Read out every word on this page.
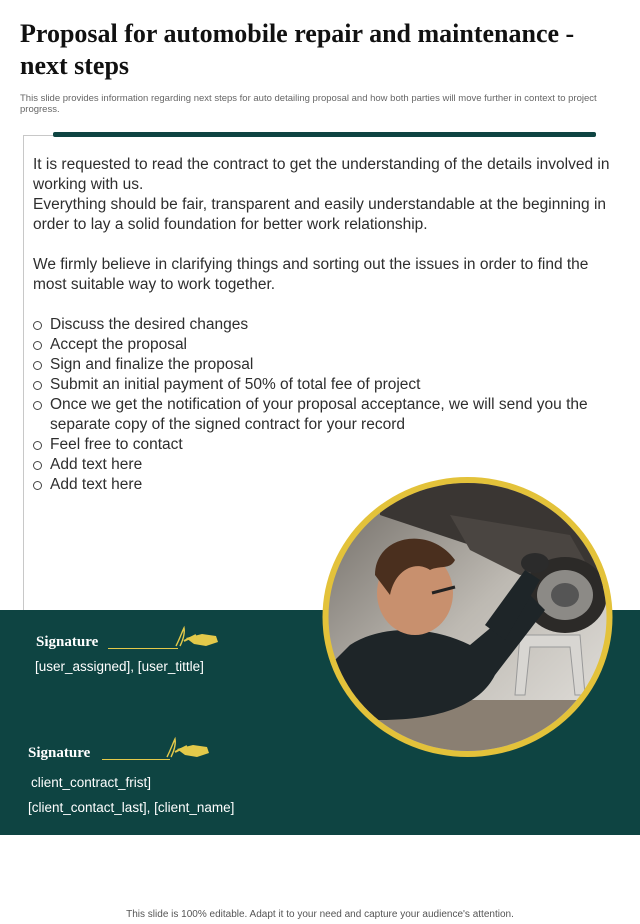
Proposal for automobile repair and maintenance - next steps

This slide provides information regarding next steps for auto detailing proposal and how both parties will move further in context to project progress.

It is requested to read the contract to get the understanding of the details involved in working with us.

Everything should be fair, transparent and easily understandable at the beginning in order to lay a solid foundation for better work relationship.

We firmly believe in clarifying things and sorting out the issues in order to find the most suitable way to work together.

Discuss the desired changes
Accept the proposal
Sign and finalize the proposal
Submit an initial payment of 50% of total fee of project
Once we get the notification of your proposal acceptance, we will send you the separate copy of the signed contract for your record
Feel free to contact
Add text here
Add text here
Signature
[user_assigned], [user_tittle]
Signature
client_contract_frist]
[client_contact_last], [client_name]
This slide is 100% editable. Adapt it to your need and capture your audience's attention.
